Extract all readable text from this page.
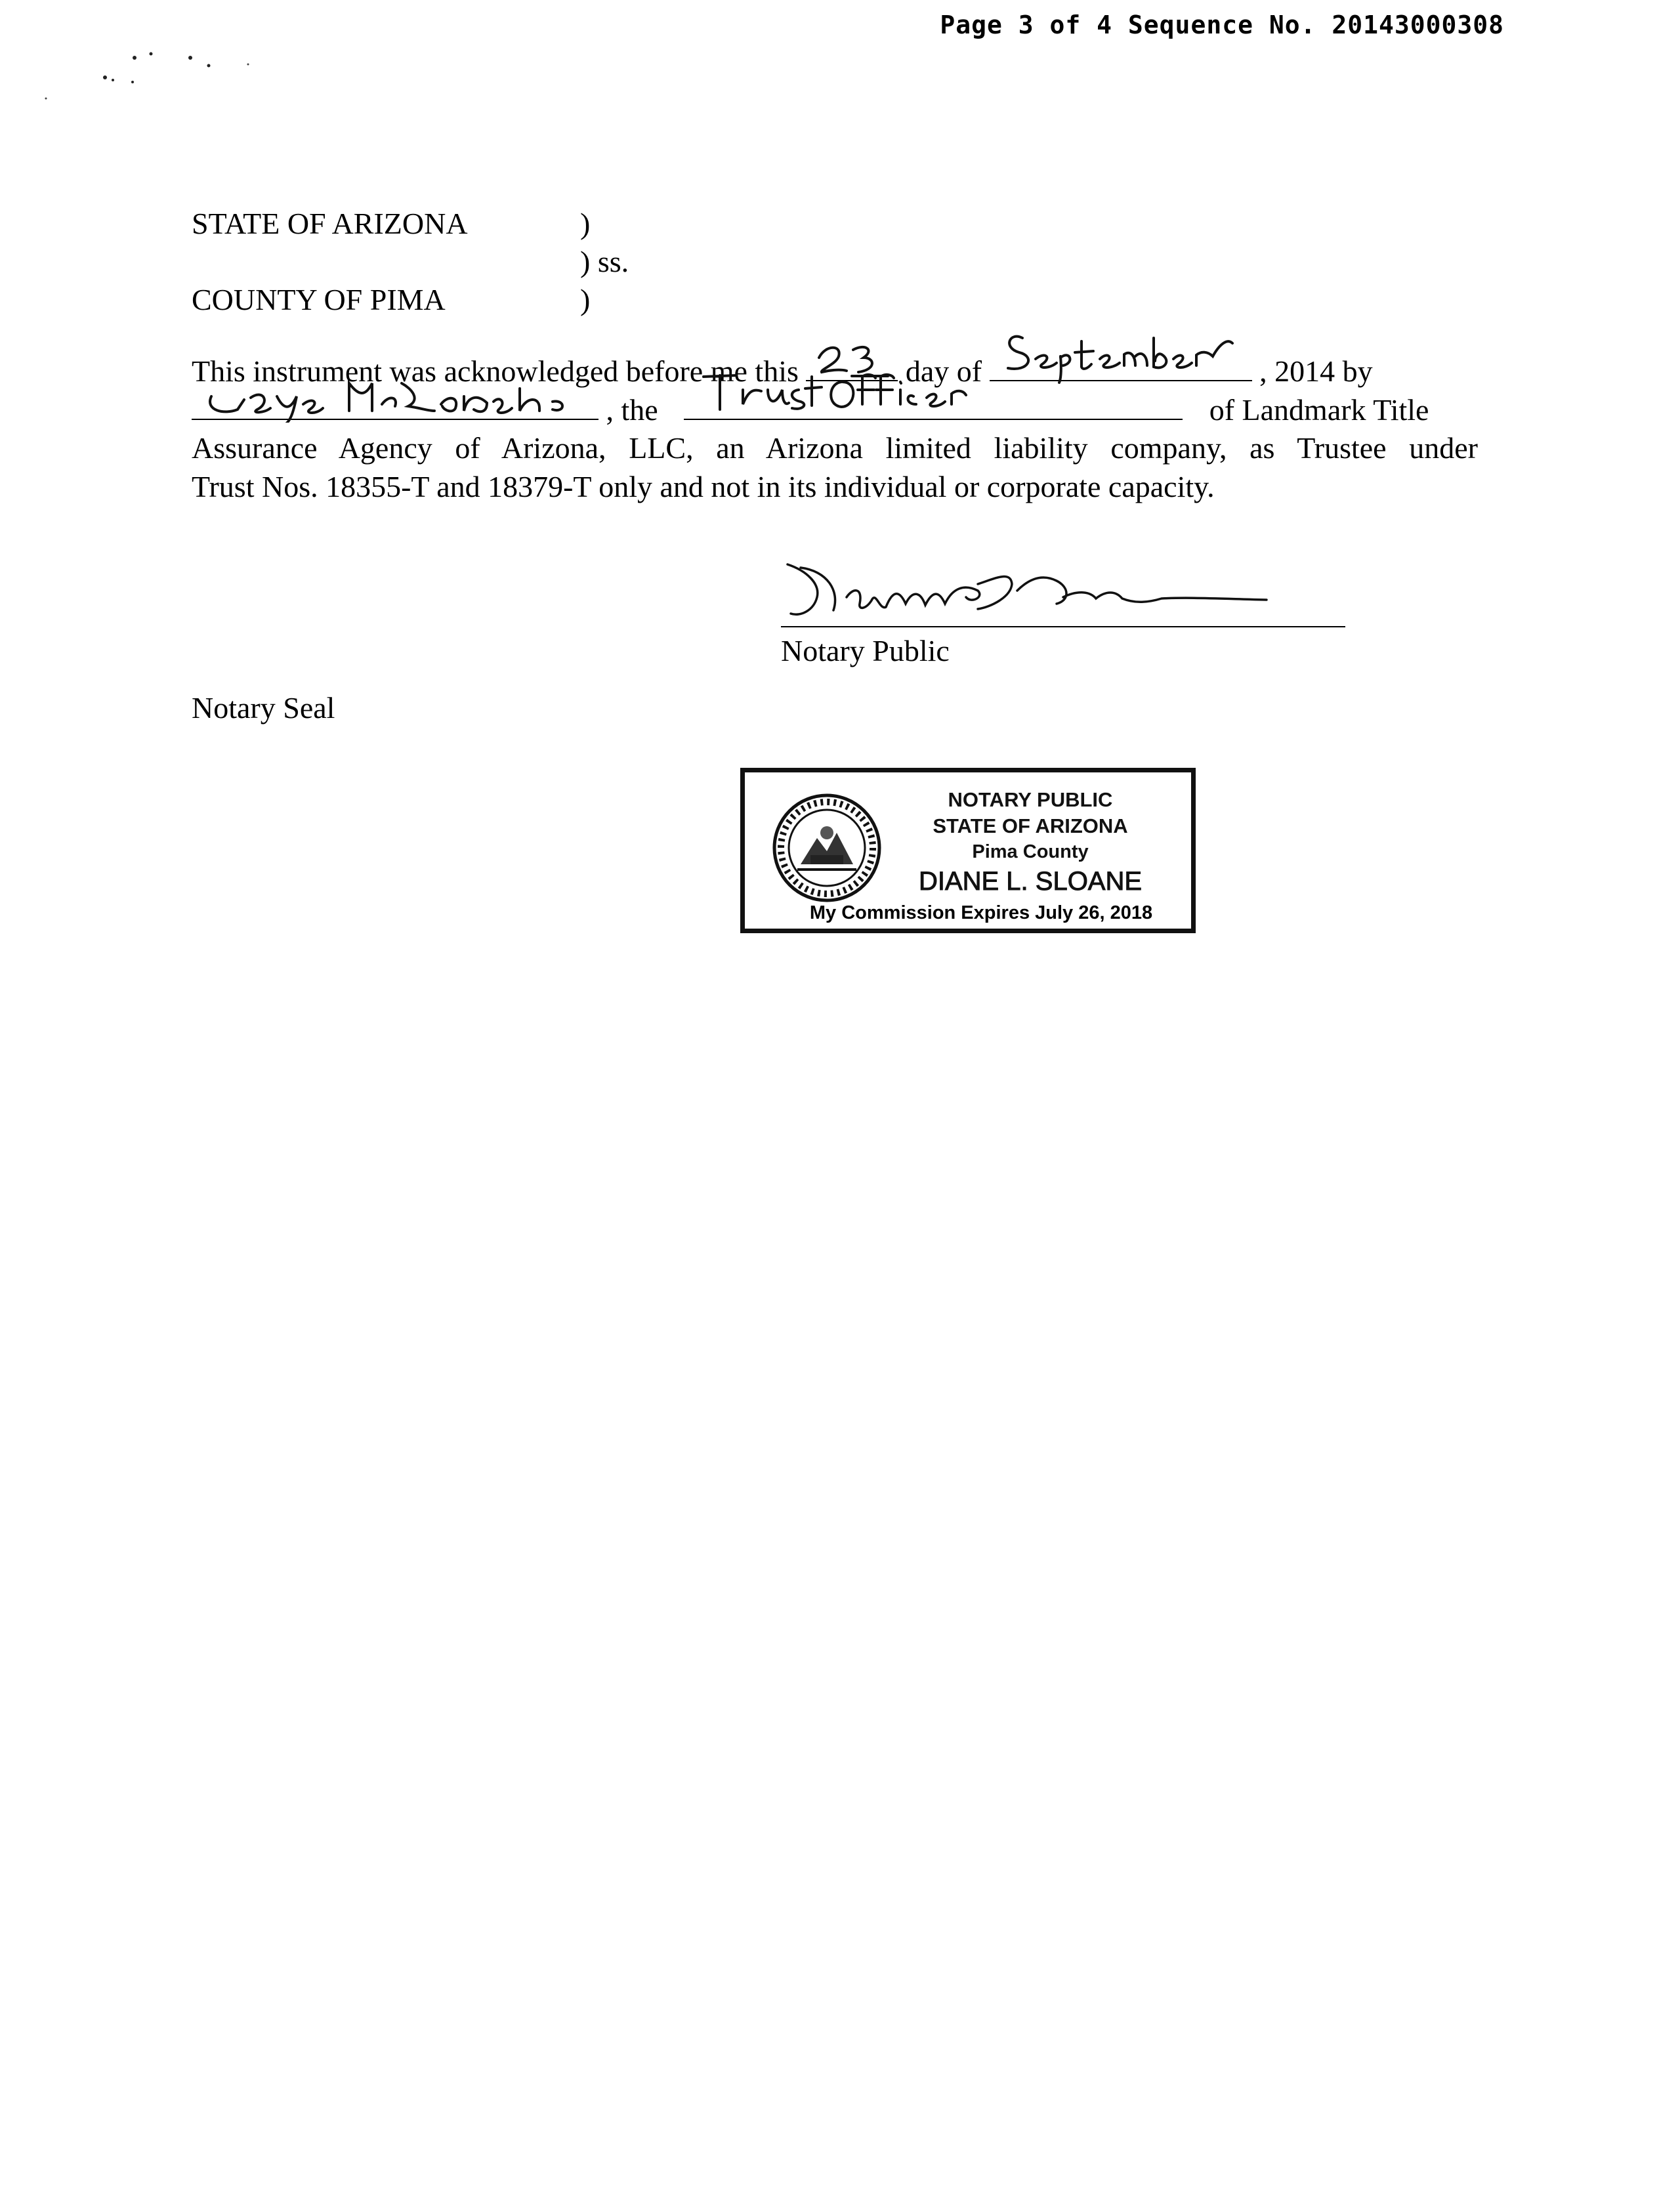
Page 3 of 4 Sequence No. 20143000308
STATE OF ARIZONA	)
) ss.
COUNTY OF PIMA	)
This instrument was acknowledged before me this	day of	, 2014 by
, the	of Landmark Title
Assurance Agency of Arizona, LLC, an Arizona limited liability company, as Trustee under
Trust Nos. 18355-T and 18379-T only and not in its individual or corporate capacity.
Notary Public
Notary Seal
NOTARY PUBLIC
STATE OF ARIZONA
Pima County
DIANE L. SLOANE
My Commission Expires July 26, 2018
